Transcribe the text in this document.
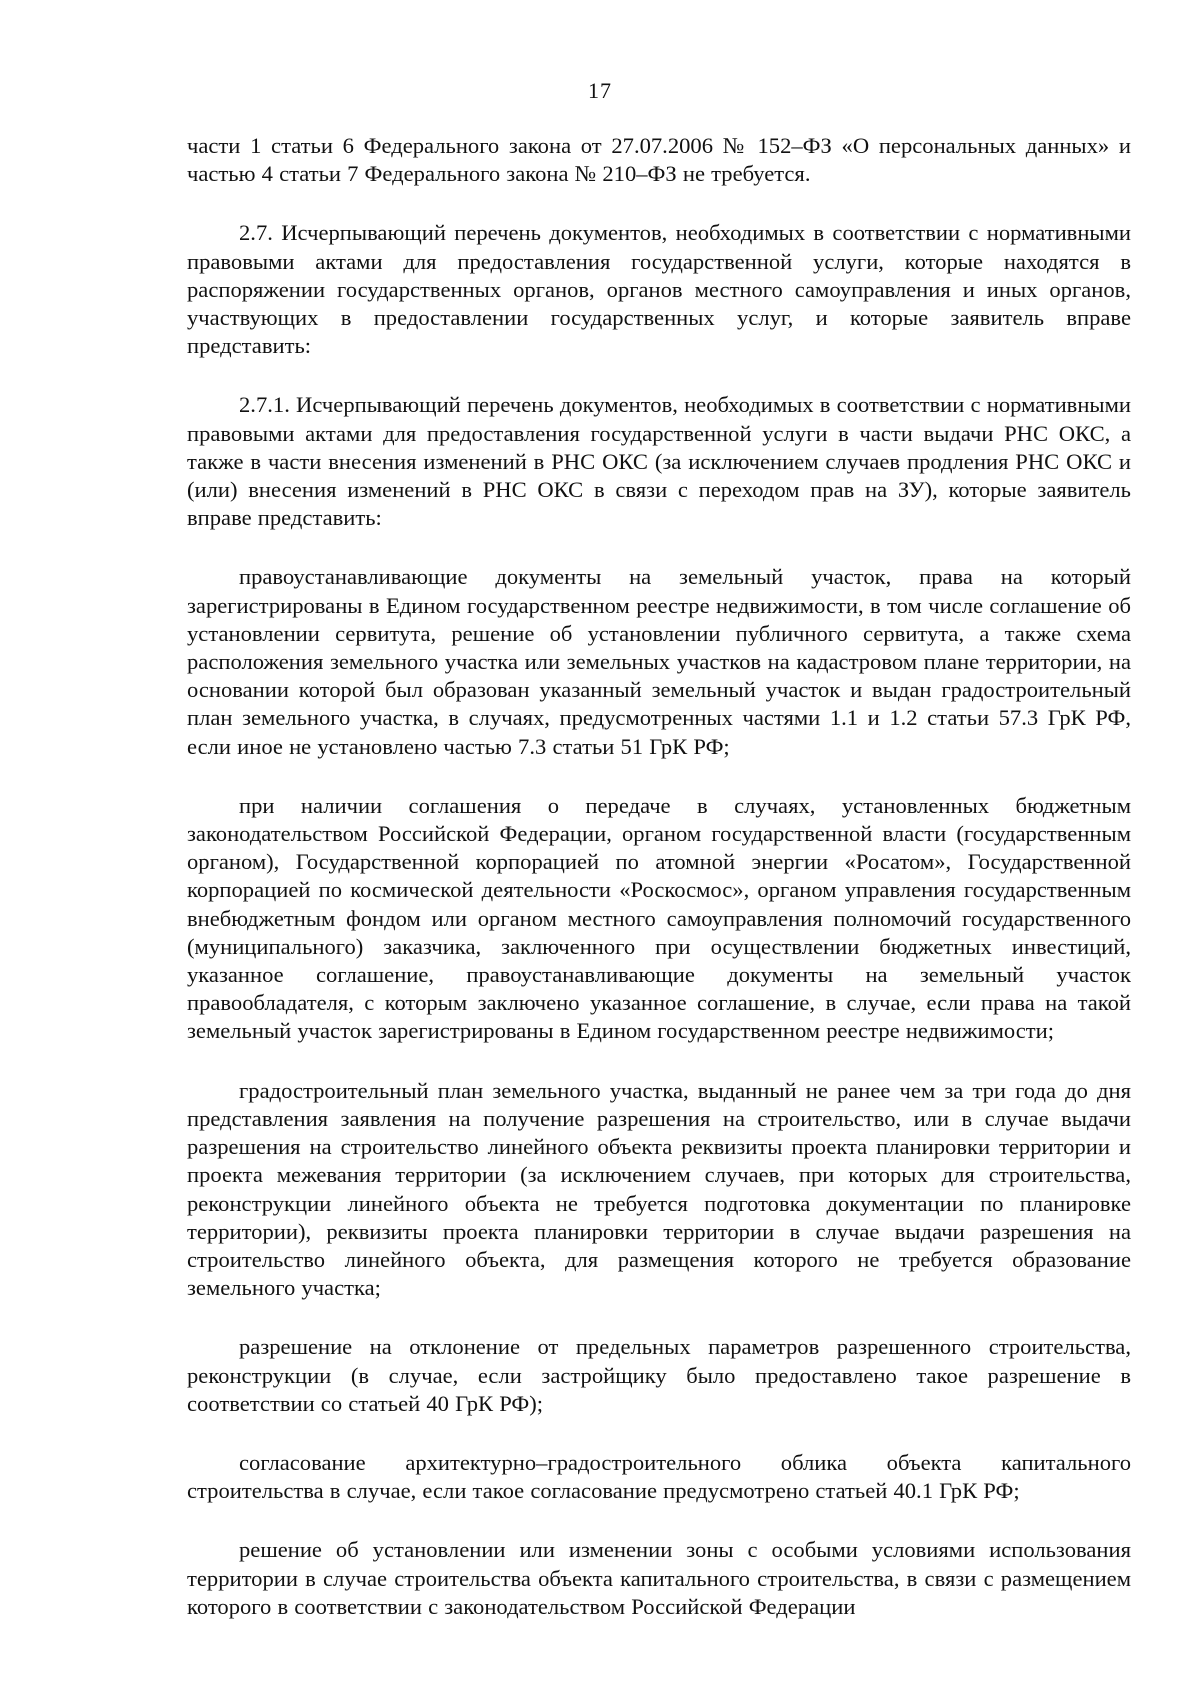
17

части 1 статьи 6 Федерального закона от 27.07.2006 № 152–ФЗ «О персональных данных» и частью 4 статьи 7 Федерального закона № 210–ФЗ не требуется.

2.7. Исчерпывающий перечень документов, необходимых в соответствии с нормативными правовыми актами для предоставления государственной услуги, которые находятся в распоряжении государственных органов, органов местного самоуправления и иных органов, участвующих в предоставлении государственных услуг, и которые заявитель вправе представить:

2.7.1. Исчерпывающий перечень документов, необходимых в соответствии с нормативными правовыми актами для предоставления государственной услуги в части выдачи РНС ОКС, а также в части внесения изменений в РНС ОКС (за исключением случаев продления РНС ОКС и (или) внесения изменений в РНС ОКС в связи с переходом прав на ЗУ), которые заявитель вправе представить:

правоустанавливающие документы на земельный участок, права на который зарегистрированы в Едином государственном реестре недвижимости, в том числе соглашение об установлении сервитута, решение об установлении публичного сервитута, а также схема расположения земельного участка или земельных участков на кадастровом плане территории, на основании которой был образован указанный земельный участок и выдан градостроительный план земельного участка, в случаях, предусмотренных частями 1.1 и 1.2 статьи 57.3 ГрК РФ, если иное не установлено частью 7.3 статьи 51 ГрК РФ;

при наличии соглашения о передаче в случаях, установленных бюджетным законодательством Российской Федерации, органом государственной власти (государственным органом), Государственной корпорацией по атомной энергии «Росатом», Государственной корпорацией по космической деятельности «Роскосмос», органом управления государственным внебюджетным фондом или органом местного самоуправления полномочий государственного (муниципального) заказчика, заключенного при осуществлении бюджетных инвестиций, указанное соглашение, правоустанавливающие документы на земельный участок правообладателя, с которым заключено указанное соглашение, в случае, если права на такой земельный участок зарегистрированы в Едином государственном реестре недвижимости;

градостроительный план земельного участка, выданный не ранее чем за три года до дня представления заявления на получение разрешения на строительство, или в случае выдачи разрешения на строительство линейного объекта реквизиты проекта планировки территории и проекта межевания территории (за исключением случаев, при которых для строительства, реконструкции линейного объекта не требуется подготовка документации по планировке территории), реквизиты проекта планировки территории в случае выдачи разрешения на строительство линейного объекта, для размещения которого не требуется образование земельного участка;

разрешение на отклонение от предельных параметров разрешенного строительства, реконструкции (в случае, если застройщику было предоставлено такое разрешение в соответствии со статьей 40 ГрК РФ);

согласование архитектурно–градостроительного облика объекта капитального строительства в случае, если такое согласование предусмотрено статьей 40.1 ГрК РФ;

решение об установлении или изменении зоны с особыми условиями использования территории в случае строительства объекта капитального строительства, в связи с размещением которого в соответствии с законодательством Российской Федерации
